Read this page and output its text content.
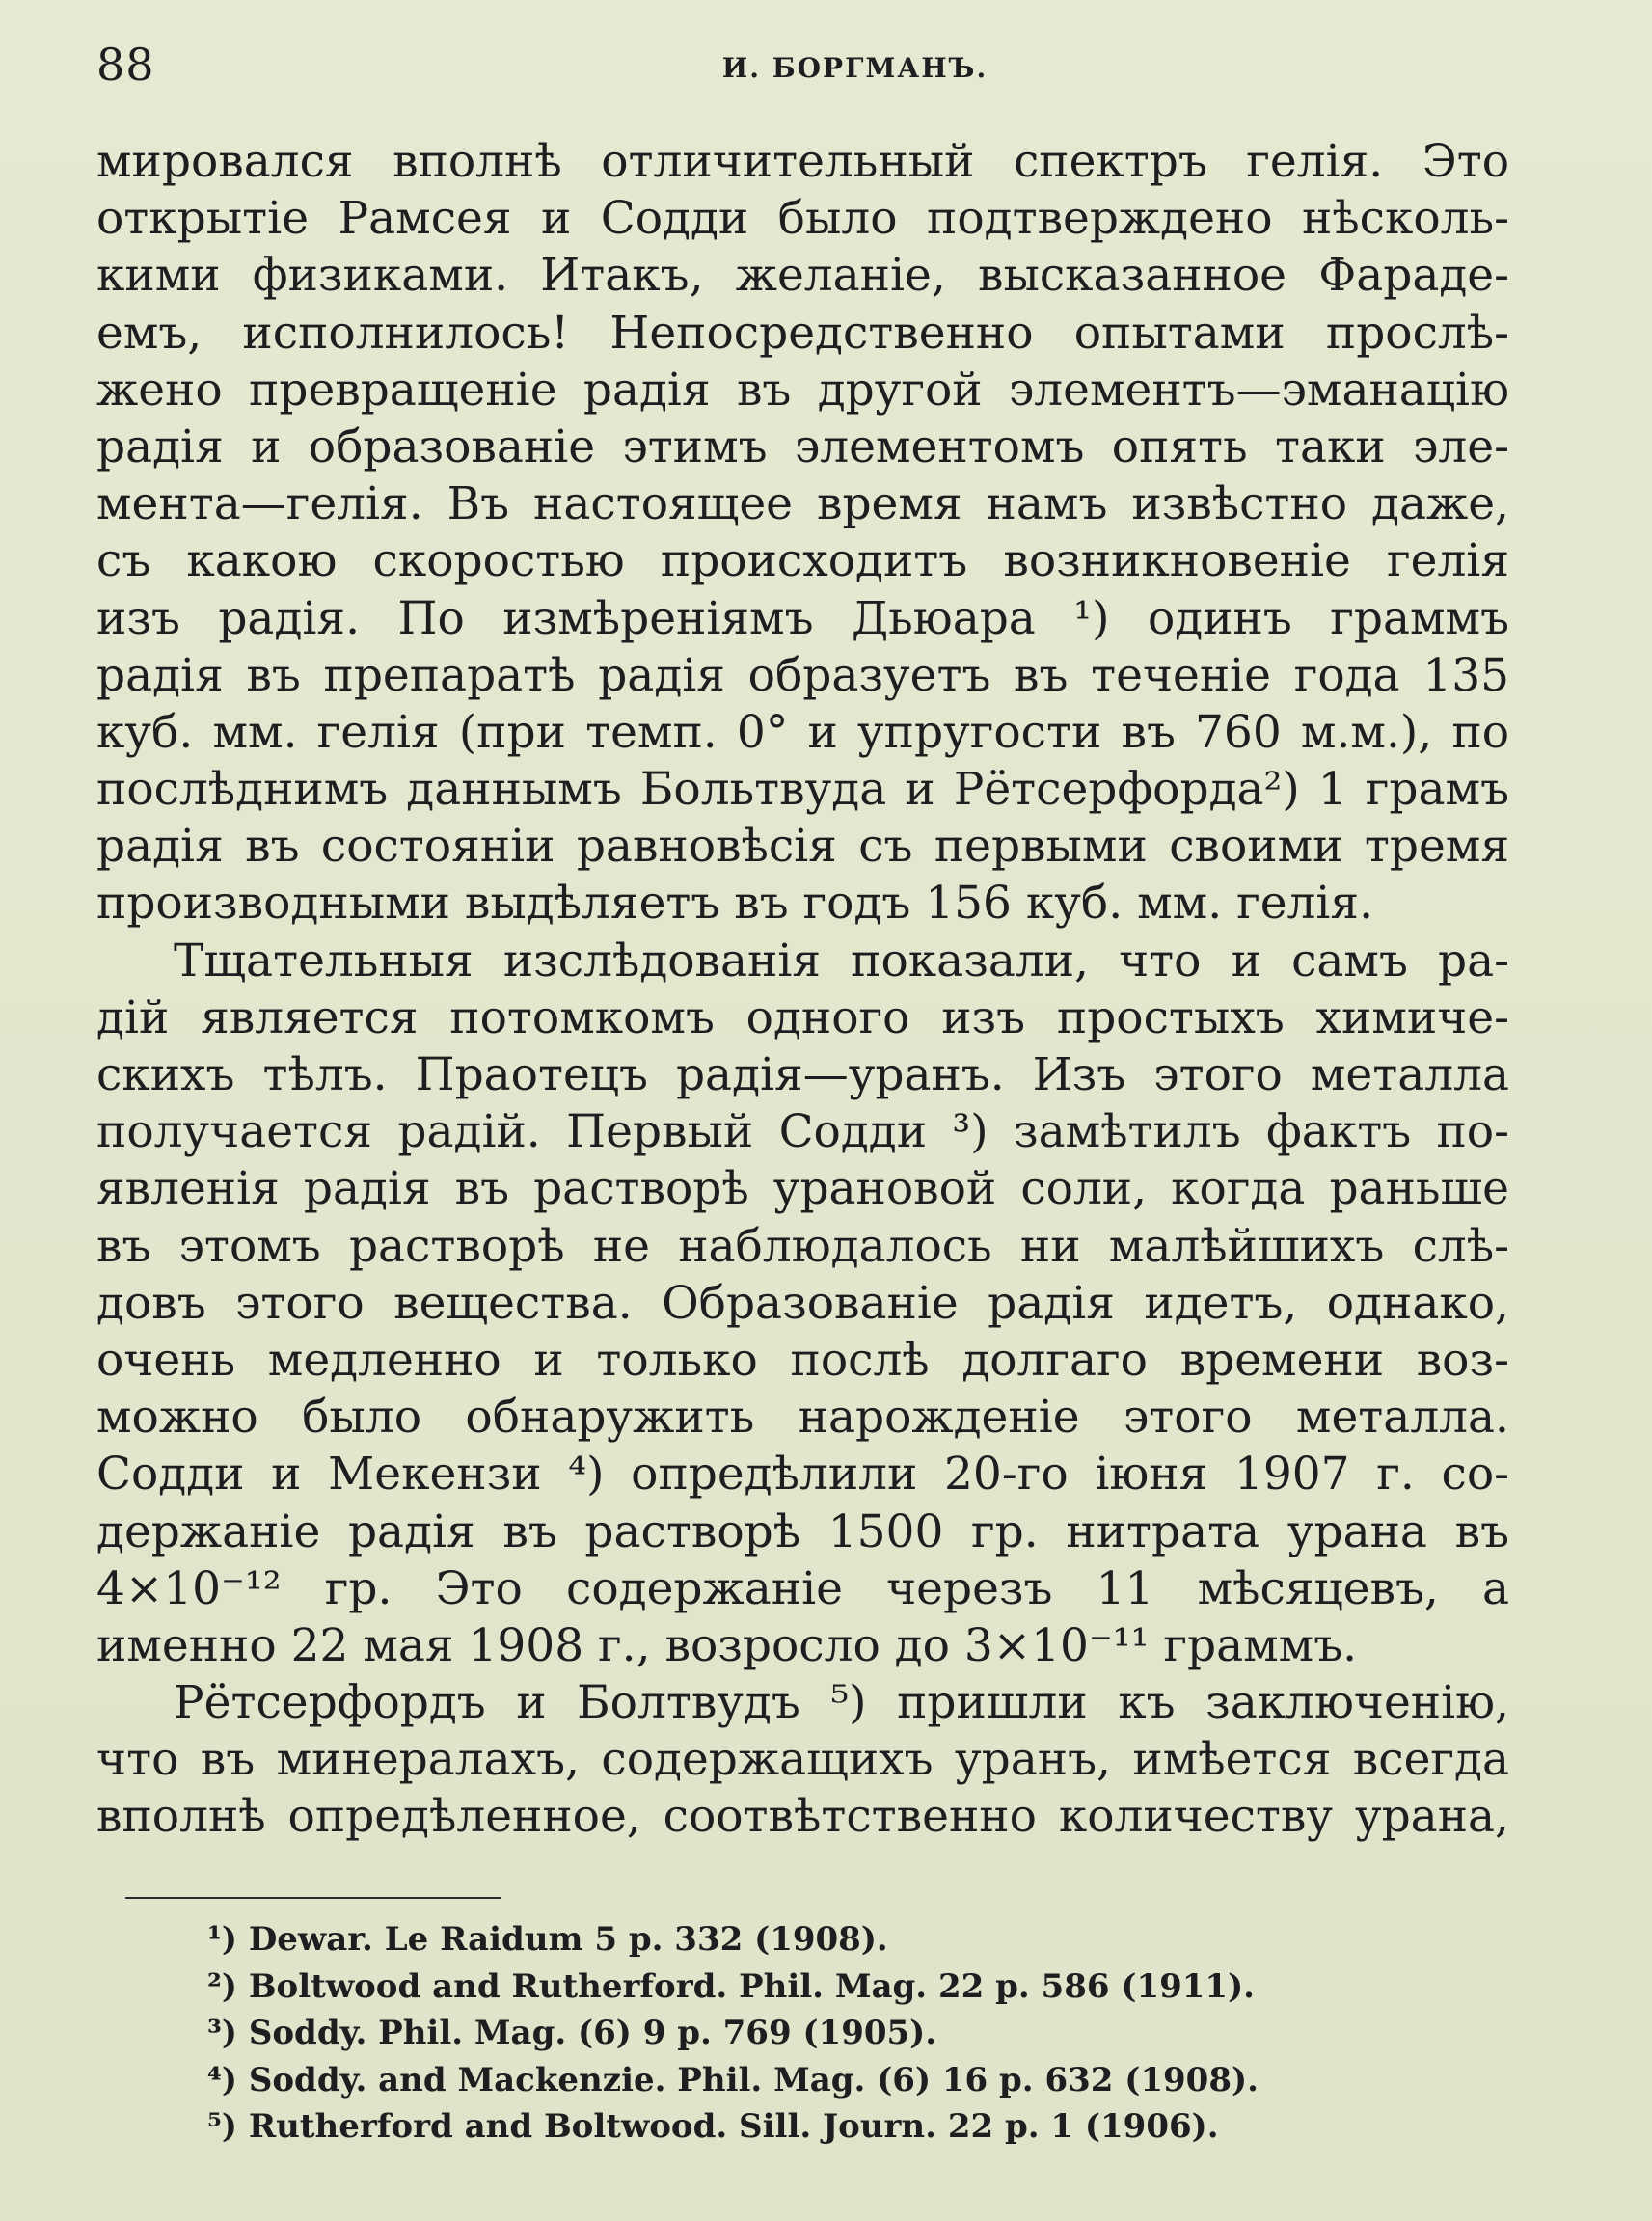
88	И. БОРГМАНЪ.
мировался вполнѣ отличительный спектръ гелія. Это
открытіе Рамсея и Содди было подтверждено нѣсколь-
кими физиками. Итакъ, желаніе, высказанное Фараде-
емъ, исполнилось! Непосредственно опытами прослѣ-
жено превращеніе радія въ другой элементъ—эманацію
радія и образованіе этимъ элементомъ опять таки эле-
мента—гелія. Въ настоящее время намъ извѣстно даже,
съ какою скоростью происходитъ возникновеніе гелія
изъ радія. По измѣреніямъ Дьюара ¹) одинъ граммъ
радія въ препаратѣ радія образуетъ въ теченіе года 135
куб. мм. гелія (при темп. 0° и упругости въ 760 м.м.), по
послѣднимъ даннымъ Больтвуда и Рётсерфорда²) 1 грамъ
радія въ состояніи равновѣсія съ первыми своими тремя
производными выдѣляетъ въ годъ 156 куб. мм. гелія.
Тщательныя изслѣдованія показали, что и самъ ра-
дій является потомкомъ одного изъ простыхъ химиче-
скихъ тѣлъ. Праотецъ радія—уранъ. Изъ этого металла
получается радій. Первый Содди ³) замѣтилъ фактъ по-
явленія радія въ растворѣ урановой соли, когда раньше
въ этомъ растворѣ не наблюдалось ни малѣйшихъ слѣ-
довъ этого вещества. Образованіе радія идетъ, однако,
очень медленно и только послѣ долгаго времени воз-
можно было обнаружить нарожденіе этого металла.
Содди и Мекензи ⁴) опредѣлили 20-го іюня 1907 г. со-
держаніе радія въ растворѣ 1500 гр. нитрата урана въ
4×10⁻¹² гр. Это содержаніе черезъ 11 мѣсяцевъ, а
именно 22 мая 1908 г., возросло до 3×10⁻¹¹ граммъ.
Рётсерфордъ и Болтвудъ ⁵) пришли къ заключенію,
что въ минералахъ, содержащихъ уранъ, имѣется всегда
вполнѣ опредѣленное, соотвѣтственно количеству урана,
¹) Dewar. Le Raidum 5 p. 332 (1908).
²) Boltwood and Rutherford. Phil. Mag. 22 p. 586 (1911).
³) Soddy. Phil. Mag. (6) 9 p. 769 (1905).
⁴) Soddy. and Mackenzie. Phil. Mag. (6) 16 p. 632 (1908).
⁵) Rutherford and Boltwood. Sill. Journ. 22 p. 1 (1906).
